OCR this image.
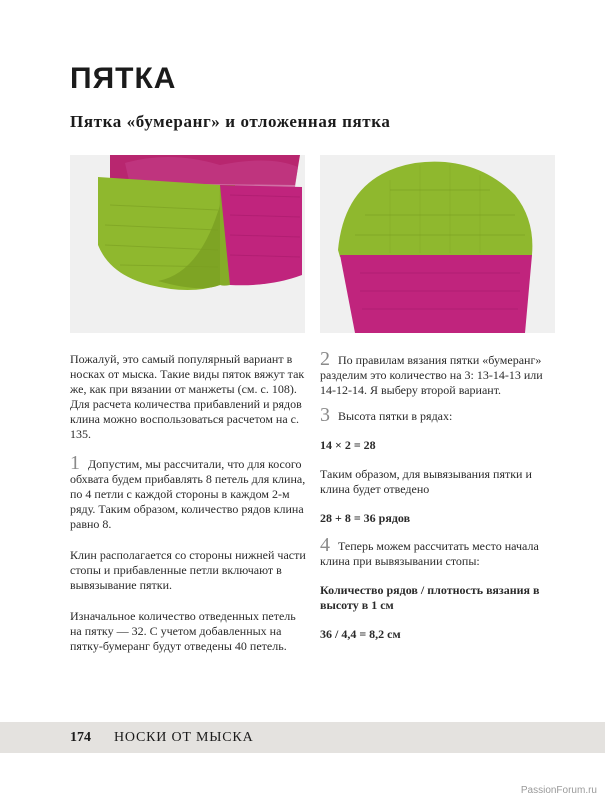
ПЯТКА
Пятка «бумеранг» и отложенная пятка

Пожалуй, это самый популярный вариант в носках от мыска. Такие виды пяток вяжут так же, как при вязании от манжеты (см. с. 108). Для расчета количества прибавлений и рядов клина можно воспользоваться расчетом на с. 135.

1 Допустим, мы рассчитали, что для косого обхвата будем прибавлять 8 петель для клина, по 4 петли с каждой стороны в каждом 2-м ряду. Таким образом, количество рядов клина равно 8.

Клин располагается со стороны нижней части стопы и прибавленные петли включают в вывязывание пятки.

Изначальное количество отведенных петель на пятку — 32. С учетом добавленных на пятку-бумеранг будут отведены 40 петель.

2 По правилам вязания пятки «бумеранг» разделим это количество на 3: 13-14-13 или 14-12-14. Я выберу второй вариант.

3 Высота пятки в рядах:

14 × 2 = 28

Таким образом, для вывязывания пятки и клина будет отведено

28 + 8 = 36 рядов

4 Теперь можем рассчитать место начала клина при вывязывании стопы:

Количество рядов / плотность вязания в высоту в 1 см

36 / 4,4 = 8,2 см

174 НОСКИ ОТ МЫСКА
PassionForum.ru
